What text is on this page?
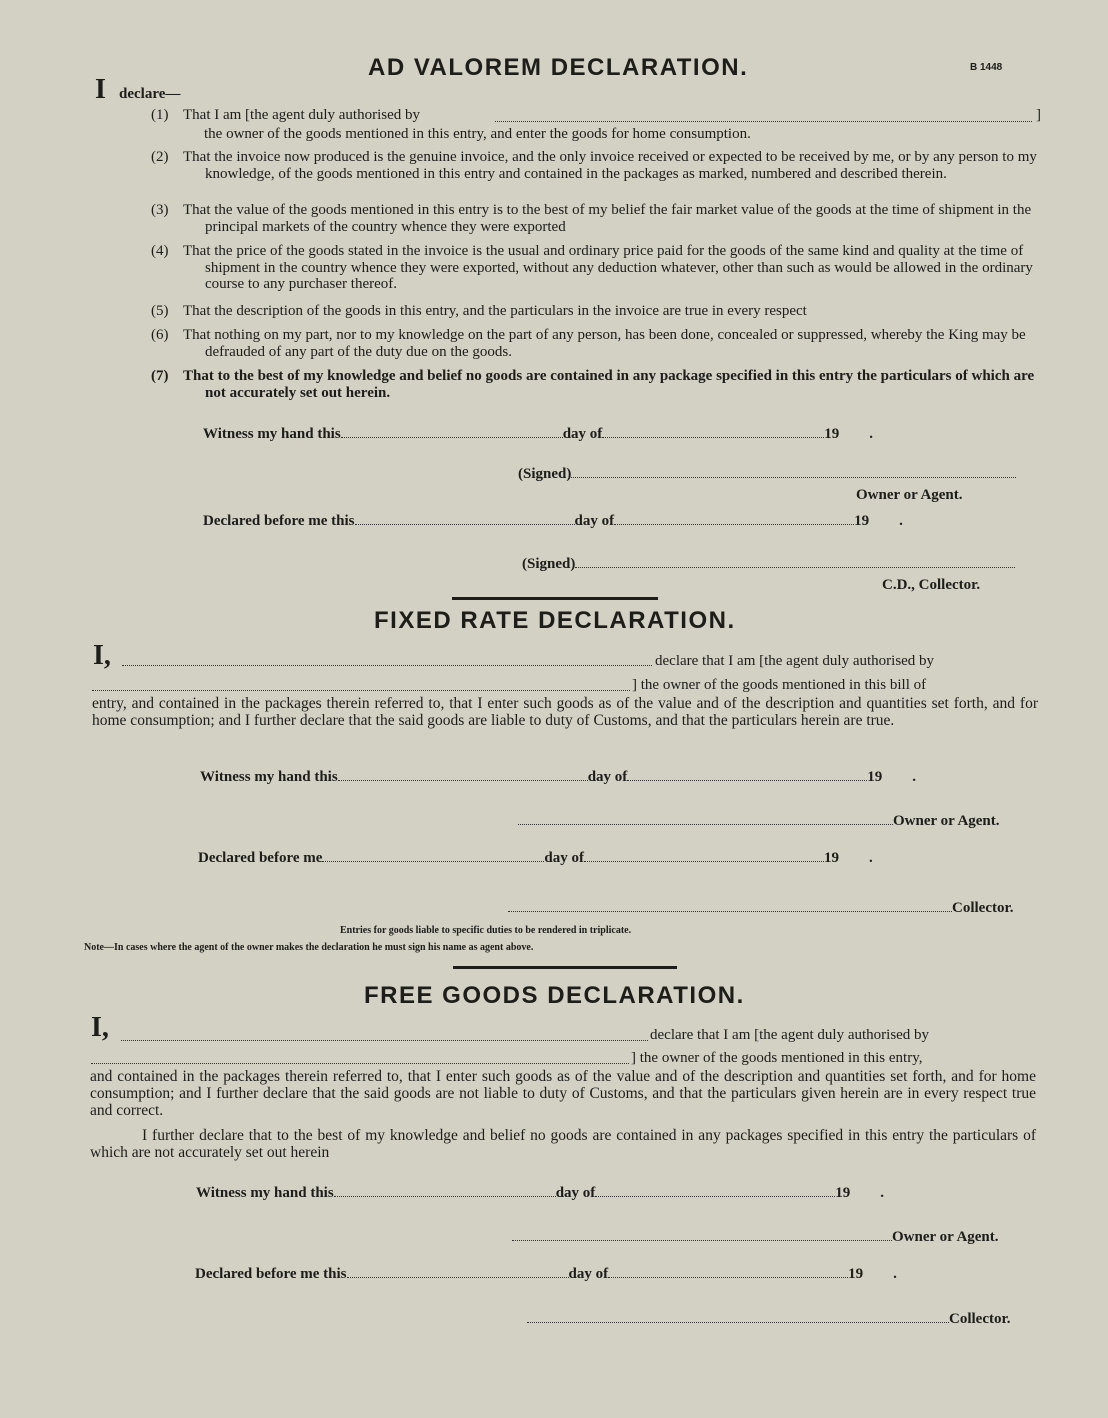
AD VALOREM DECLARATION.	B 1448
I declare—
(1) That I am [the agent duly authorised by	]
the owner of the goods mentioned in this entry, and enter the goods for home consumption.
(2) That the invoice now produced is the genuine invoice, and the only invoice received or expected to be received by me, or by any person to my knowledge, of the goods mentioned in this entry and contained in the packages as marked, numbered and described therein.
(3) That the value of the goods mentioned in this entry is to the best of my belief the fair market value of the goods at the time of shipment in the principal markets of the country whence they were exported
(4) That the price of the goods stated in the invoice is the usual and ordinary price paid for the goods of the same kind and quality at the time of shipment in the country whence they were exported, without any deduction whatever, other than such as would be allowed in the ordinary course to any purchaser thereof.
(5) That the description of the goods in this entry, and the particulars in the invoice are true in every respect
(6) That nothing on my part, nor to my knowledge on the part of any person, has been done, concealed or suppressed, whereby the King may be defrauded of any part of the duty due on the goods.
(7) That to the best of my knowledge and belief no goods are contained in any package specified in this entry the particulars of which are not accurately set out herein.
Witness my hand this	day of	19 .
(Signed)
Owner or Agent.
Declared before me this	day of	19 .
(Signed)
C.D., Collector.
FIXED RATE DECLARATION.
I,	declare that I am [the agent duly authorised by
] the owner of the goods mentioned in this bill of
entry, and contained in the packages therein referred to, that I enter such goods as of the value and of the description and quantities set forth, and for home consumption; and I further declare that the said goods are liable to duty of Customs, and that the particulars herein are true.
Witness my hand this	day of	19 .
Owner or Agent.
Declared before me	day of	19 .
Collector.
Entries for goods liable to specific duties to be rendered in triplicate.
Note—In cases where the agent of the owner makes the declaration he must sign his name as agent above.
FREE GOODS DECLARATION.
I,	declare that I am [the agent duly authorised by
] the owner of the goods mentioned in this entry,
and contained in the packages therein referred to, that I enter such goods as of the value and of the description and quantities set forth, and for home consumption; and I further declare that the said goods are not liable to duty of Customs, and that the particulars given herein are in every respect true and correct.
I further declare that to the best of my knowledge and belief no goods are contained in any packages specified in this entry the particulars of which are not accurately set out herein
Witness my hand this	day of	19 .
Owner or Agent.
Declared before me this	day of	19 .
Collector.
